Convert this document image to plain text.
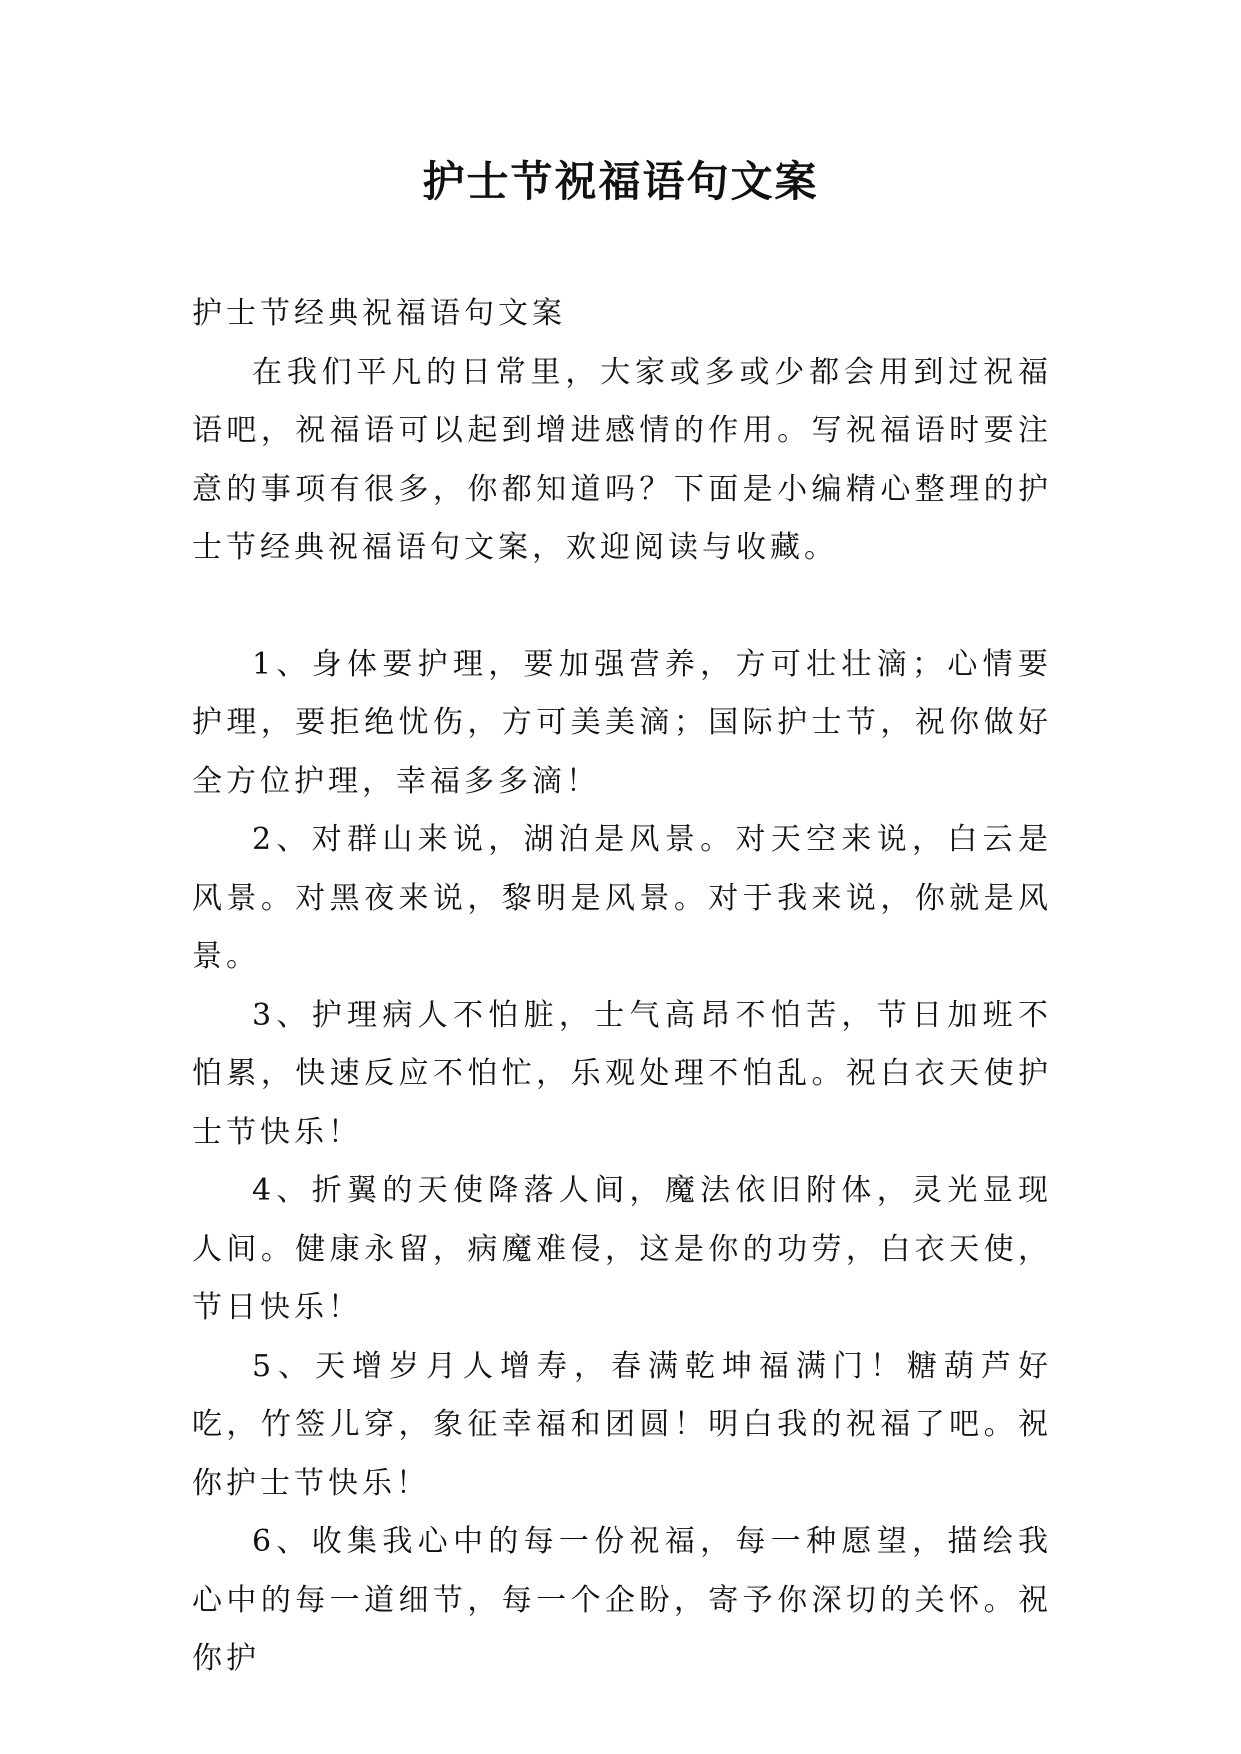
护士节祝福语句文案

护士节经典祝福语句文案

在我们平凡的日常里，大家或多或少都会用到过祝福语吧，祝福语可以起到增进感情的作用。写祝福语时要注意的事项有很多，你都知道吗？下面是小编精心整理的护士节经典祝福语句文案，欢迎阅读与收藏。

1、身体要护理，要加强营养，方可壮壮滴；心情要护理，要拒绝忧伤，方可美美滴；国际护士节，祝你做好全方位护理，幸福多多滴！

2、对群山来说，湖泊是风景。对天空来说，白云是风景。对黑夜来说，黎明是风景。对于我来说，你就是风景。

3、护理病人不怕脏，士气高昂不怕苦，节日加班不怕累，快速反应不怕忙，乐观处理不怕乱。祝白衣天使护士节快乐！

4、折翼的天使降落人间，魔法依旧附体，灵光显现人间。健康永留，病魔难侵，这是你的功劳，白衣天使，节日快乐！

5、天增岁月人增寿，春满乾坤福满门！糖葫芦好吃，竹签儿穿，象征幸福和团圆！明白我的祝福了吧。祝你护士节快乐！

6、收集我心中的每一份祝福，每一种愿望，描绘我心中的每一道细节，每一个企盼，寄予你深切的关怀。祝你护
